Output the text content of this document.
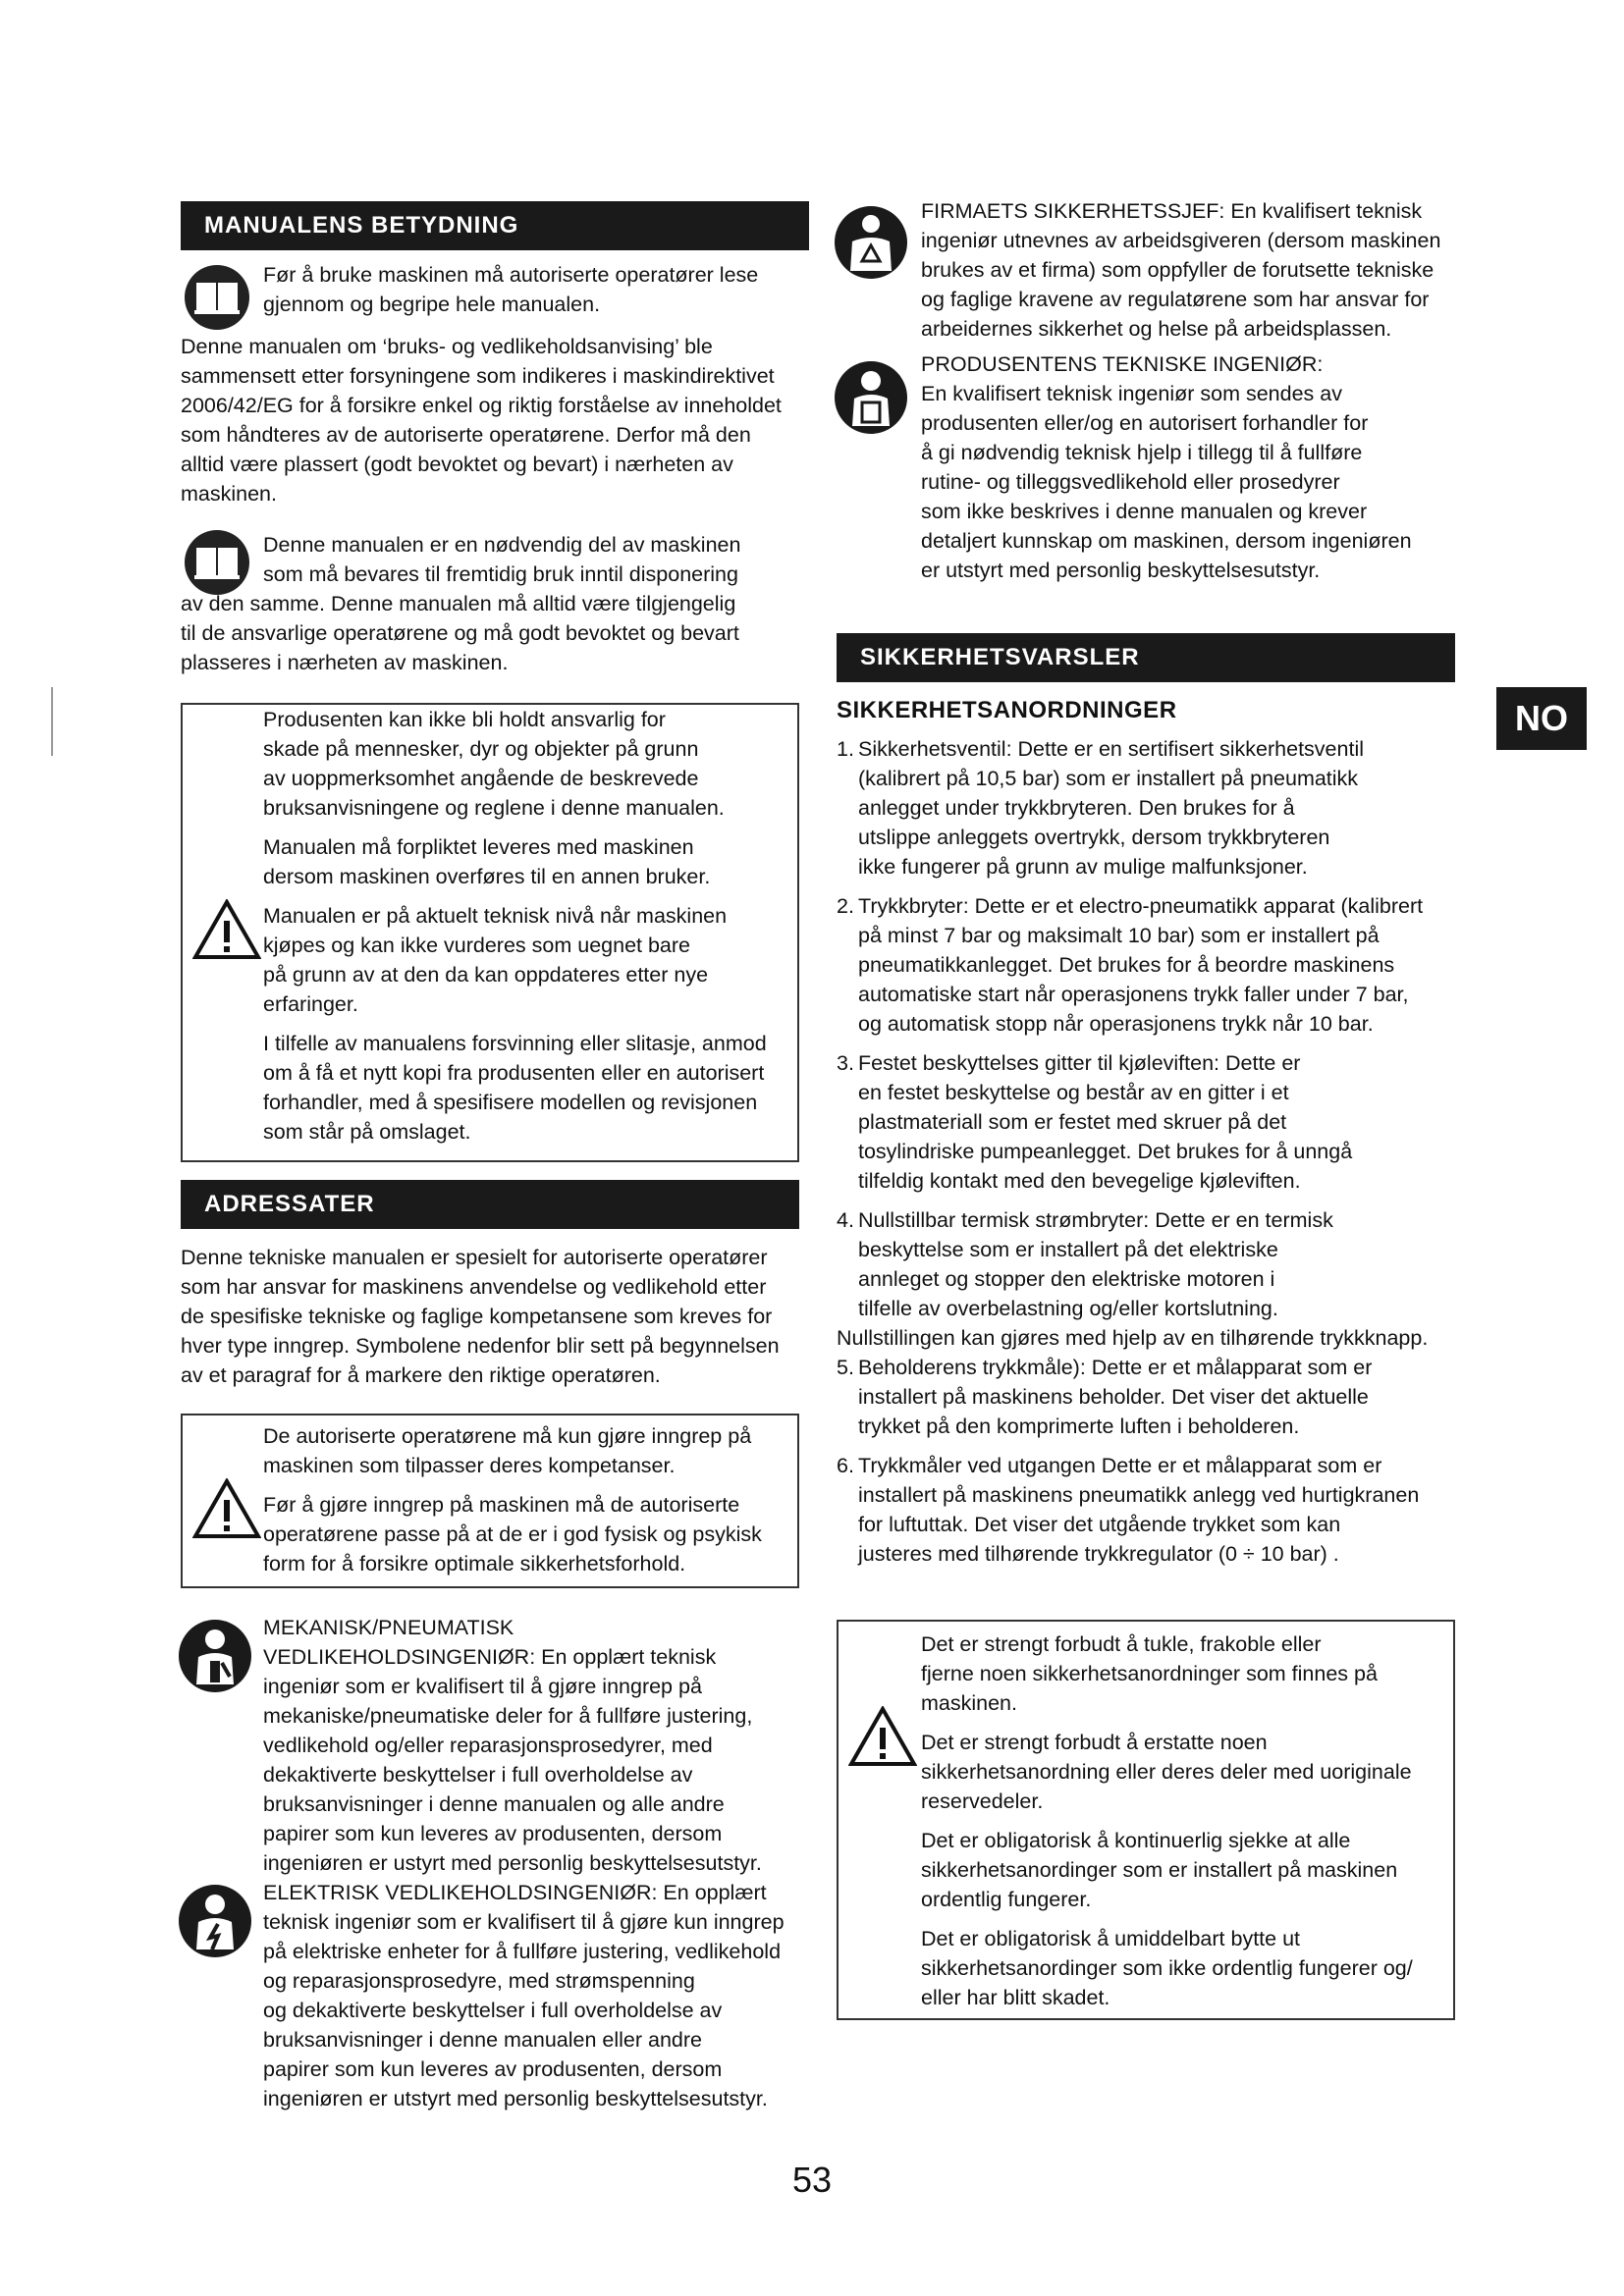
MANUALENS BETYDNING

Før å bruke maskinen må autoriserte operatører lese

gjennom og begripe hele manualen.

Denne manualen om ‘bruks- og vedlikeholdsanvising’ ble

sammensett etter forsyningene som indikeres i maskindirektivet

2006/42/EG for å forsikre enkel og riktig forståelse av inneholdet

som håndteres av de autoriserte operatørene. Derfor må den

alltid være plassert (godt bevoktet og bevart) i nærheten av

maskinen.

Denne manualen er en nødvendig del av maskinen

som må bevares til fremtidig bruk inntil disponering

av den samme. Denne manualen må alltid være tilgjengelig

til de ansvarlige operatørene og må godt bevoktet og bevart

plasseres i nærheten av maskinen.

Produsenten kan ikke bli holdt ansvarlig for

skade på mennesker, dyr og objekter på grunn

av uoppmerksomhet angående de beskrevede

bruksanvisningene og reglene i denne manualen.

Manualen må forpliktet leveres med maskinen

dersom maskinen overføres til en annen bruker.

Manualen er på aktuelt teknisk nivå når maskinen

kjøpes og kan ikke vurderes som uegnet bare

på grunn av at den da kan oppdateres etter nye

erfaringer.

I tilfelle av manualens forsvinning eller slitasje, anmod

om å få et nytt kopi fra produsenten eller en autorisert

forhandler, med å spesifisere modellen og revisjonen

som står på omslaget.

ADRESSATER

Denne tekniske manualen er spesielt for autoriserte operatører

som har ansvar for maskinens anvendelse og vedlikehold etter

de spesifiske tekniske og faglige kompetansene som kreves for

hver type inngrep. Symbolene nedenfor blir sett på begynnelsen

av et paragraf for å markere den riktige operatøren.

De autoriserte operatørene må kun gjøre inngrep på

maskinen som tilpasser deres kompetanser.

Før å gjøre inngrep på maskinen må de autoriserte

operatørene passe på at de er i god fysisk og psykisk

form for å forsikre optimale sikkerhetsforhold.

MEKANISK/PNEUMATISK

VEDLIKEHOLDSINGENIØR: En opplært teknisk

ingeniør som er kvalifisert til å gjøre inngrep på

mekaniske/pneumatiske deler for å fullføre justering,

vedlikehold og/eller reparasjonsprosedyrer, med

dekaktiverte beskyttelser i full overholdelse av

bruksanvisninger i denne manualen og alle andre

papirer som kun leveres av produsenten, dersom

ingeniøren er ustyrt med personlig beskyttelsesutstyr.

ELEKTRISK VEDLIKEHOLDSINGENIØR: En opplært

teknisk ingeniør som er kvalifisert til å gjøre kun inngrep

på elektriske enheter for å fullføre justering, vedlikehold

og reparasjonsprosedyre, med strømspenning

og dekaktiverte beskyttelser i full overholdelse av

bruksanvisninger i denne manualen eller andre

papirer som kun leveres av produsenten, dersom

ingeniøren er utstyrt med personlig beskyttelsesutstyr.

FIRMAETS SIKKERHETSSJEF: En kvalifisert teknisk

ingeniør utnevnes av arbeidsgiveren (dersom maskinen

brukes av et firma) som oppfyller de forutsette tekniske

og faglige kravene av regulatørene som har ansvar for

arbeidernes sikkerhet og helse på arbeidsplassen.

PRODUSENTENS TEKNISKE INGENIØR:

En kvalifisert teknisk ingeniør som sendes av

produsenten eller/og en autorisert forhandler for

å gi nødvendig teknisk hjelp i tillegg til å fullføre

rutine- og tilleggsvedlikehold eller prosedyrer

som ikke beskrives i denne manualen og krever

detaljert kunnskap om maskinen, dersom ingeniøren

er utstyrt med personlig beskyttelsesutstyr.

SIKKERHETSVARSLER
SIKKERHETSANORDNINGER
1. Sikkerhetsventil: Dette er en sertifisert sikkerhetsventil

(kalibrert på 10,5 bar) som er installert på pneumatikk

anlegget under trykkbryteren. Den brukes for å

utslippe anleggets overtrykk, dersom trykkbryteren

ikke fungerer på grunn av mulige malfunksjoner.

2. Trykkbryter: Dette er et electro-pneumatikk apparat (kalibrert

på minst 7 bar og maksimalt 10 bar) som er installert på

pneumatikkanlegget. Det brukes for å beordre maskinens

automatiske start når operasjonens trykk faller under 7 bar,

og automatisk stopp når operasjonens trykk når 10 bar.

3. Festet beskyttelses gitter til kjøleviften: Dette er

en festet beskyttelse og består av en gitter i et

plastmateriall som er festet med skruer på det

tosylindriske pumpeanlegget. Det brukes for å unngå

tilfeldig kontakt med den bevegelige kjøleviften.

4. Nullstillbar termisk strømbryter: Dette er en termisk

beskyttelse som er installert på det elektriske

annleget og stopper den elektriske motoren i

tilfelle av overbelastning og/eller kortslutning.

Nullstillingen kan gjøres med hjelp av en tilhørende trykkknapp.

5. Beholderens trykkmåle): Dette er et målapparat som er

installert på maskinens beholder. Det viser det aktuelle

trykket på den komprimerte luften i beholderen.

6. Trykkmåler ved utgangen Dette er et målapparat som er

installert på maskinens pneumatikk anlegg ved hurtigkranen

for luftuttak. Det viser det utgående trykket som kan

justeres med tilhørende trykkregulator (0 ÷ 10 bar) .

Det er strengt forbudt å tukle, frakoble eller

fjerne noen sikkerhetsanordninger som finnes på

maskinen.

Det er strengt forbudt å erstatte noen

sikkerhetsanordning eller deres deler med uoriginale

reservedeler.

Det er obligatorisk å kontinuerlig sjekke at alle

sikkerhetsanordinger som er installert på maskinen

ordentlig fungerer.

Det er obligatorisk å umiddelbart bytte ut

sikkerhetsanordinger som ikke ordentlig fungerer og/

eller har blitt skadet.

NO
53
